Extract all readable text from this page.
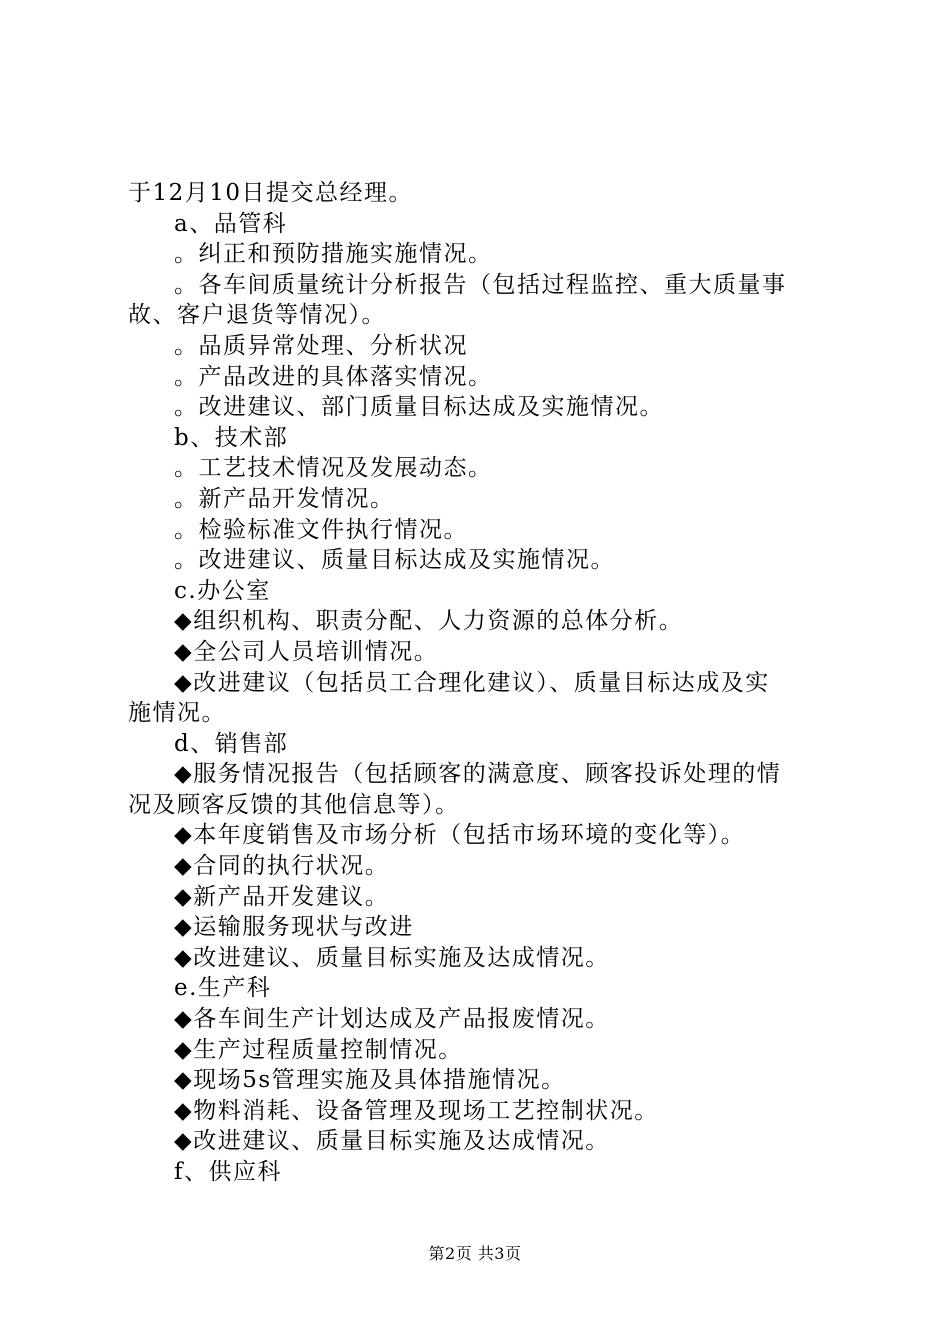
于12月10日提交总经理。
a、品管科
。纠正和预防措施实施情况。
。各车间质量统计分析报告（包括过程监控、重大质量事
故、客户退货等情况）。
。品质异常处理、分析状况
。产品改进的具体落实情况。
。改进建议、部门质量目标达成及实施情况。
b、技术部
。工艺技术情况及发展动态。
。新产品开发情况。
。检验标准文件执行情况。
。改进建议、质量目标达成及实施情况。
c.办公室
◆组织机构、职责分配、人力资源的总体分析。
◆全公司人员培训情况。
◆改进建议（包括员工合理化建议）、质量目标达成及实
施情况。
d、销售部
◆服务情况报告（包括顾客的满意度、顾客投诉处理的情
况及顾客反馈的其他信息等）。
◆本年度销售及市场分析（包括市场环境的变化等）。
◆合同的执行状况。
◆新产品开发建议。
◆运输服务现状与改进
◆改进建议、质量目标实施及达成情况。
e.生产科
◆各车间生产计划达成及产品报废情况。
◆生产过程质量控制情况。
◆现场5s管理实施及具体措施情况。
◆物料消耗、设备管理及现场工艺控制状况。
◆改进建议、质量目标实施及达成情况。
f、供应科
第2页 共3页
